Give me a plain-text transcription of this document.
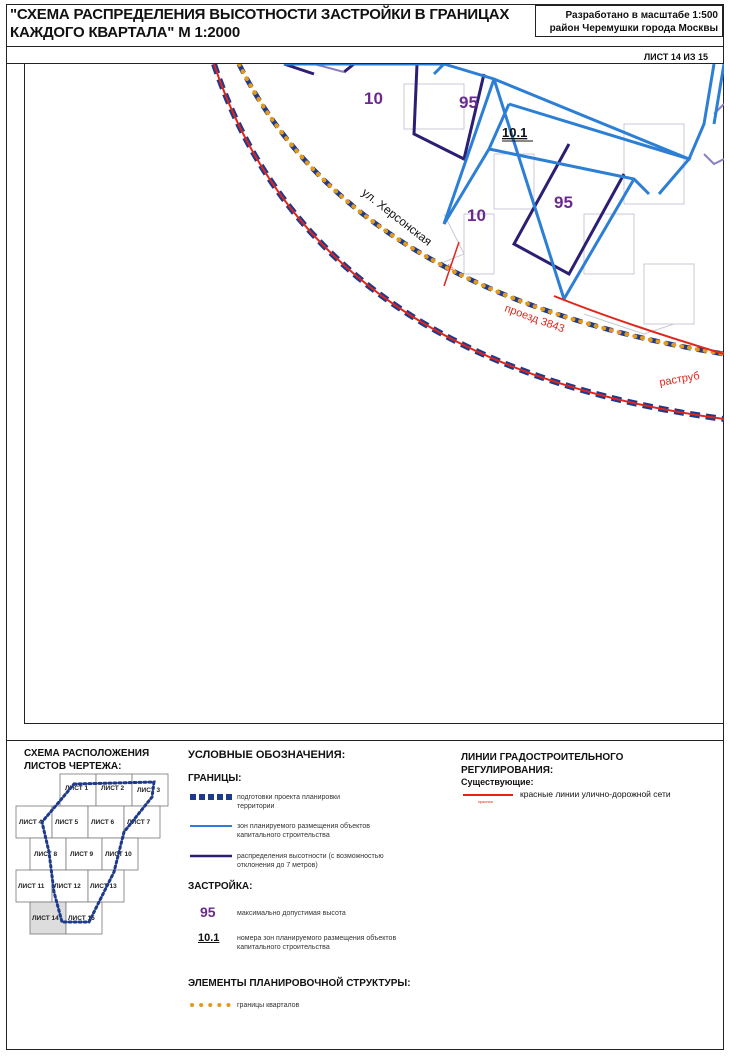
"СХЕМА РАСПРЕДЕЛЕНИЯ ВЫСОТНОСТИ ЗАСТРОЙКИ В ГРАНИЦАХ КАЖДОГО КВАРТАЛА" М 1:2000
Разработано в масштабе 1:500
район Черемушки города Москвы
ЛИСТ 14 ИЗ 15
3,0
10	95
10.1
10
95
ул. Херсонская
проезд 3843
раструб
СХЕМА РАСПОЛОЖЕНИЯ ЛИСТОВ ЧЕРТЕЖА:
ЛИСТ 1 ЛИСТ 2 ЛИСТ 3
ЛИСТ 4 ЛИСТ 5 ЛИСТ 6 ЛИСТ 7
ЛИСТ 8 ЛИСТ 9 ЛИСТ 10
ЛИСТ 11 ЛИСТ 12 ЛИСТ 13
ЛИСТ 14 ЛИСТ 15
УСЛОВНЫЕ ОБОЗНАЧЕНИЯ:
ГРАНИЦЫ:
подготовки проекта планировки территории
зон планируемого размещения объектов капитального строительства
распределения высотности (с возможностью отклонения до 7 метров)
ЗАСТРОЙКА:
95	максимально допустимая высота
10.1	номера зон планируемого размещения объектов капитального строительства
ЭЛЕМЕНТЫ ПЛАНИРОВОЧНОЙ СТРУКТУРЫ:
границы кварталов
ЛИНИИ ГРАДОСТРОИТЕЛЬНОГО РЕГУЛИРОВАНИЯ:
Существующие:
красная
красные линии улично-дорожной сети
